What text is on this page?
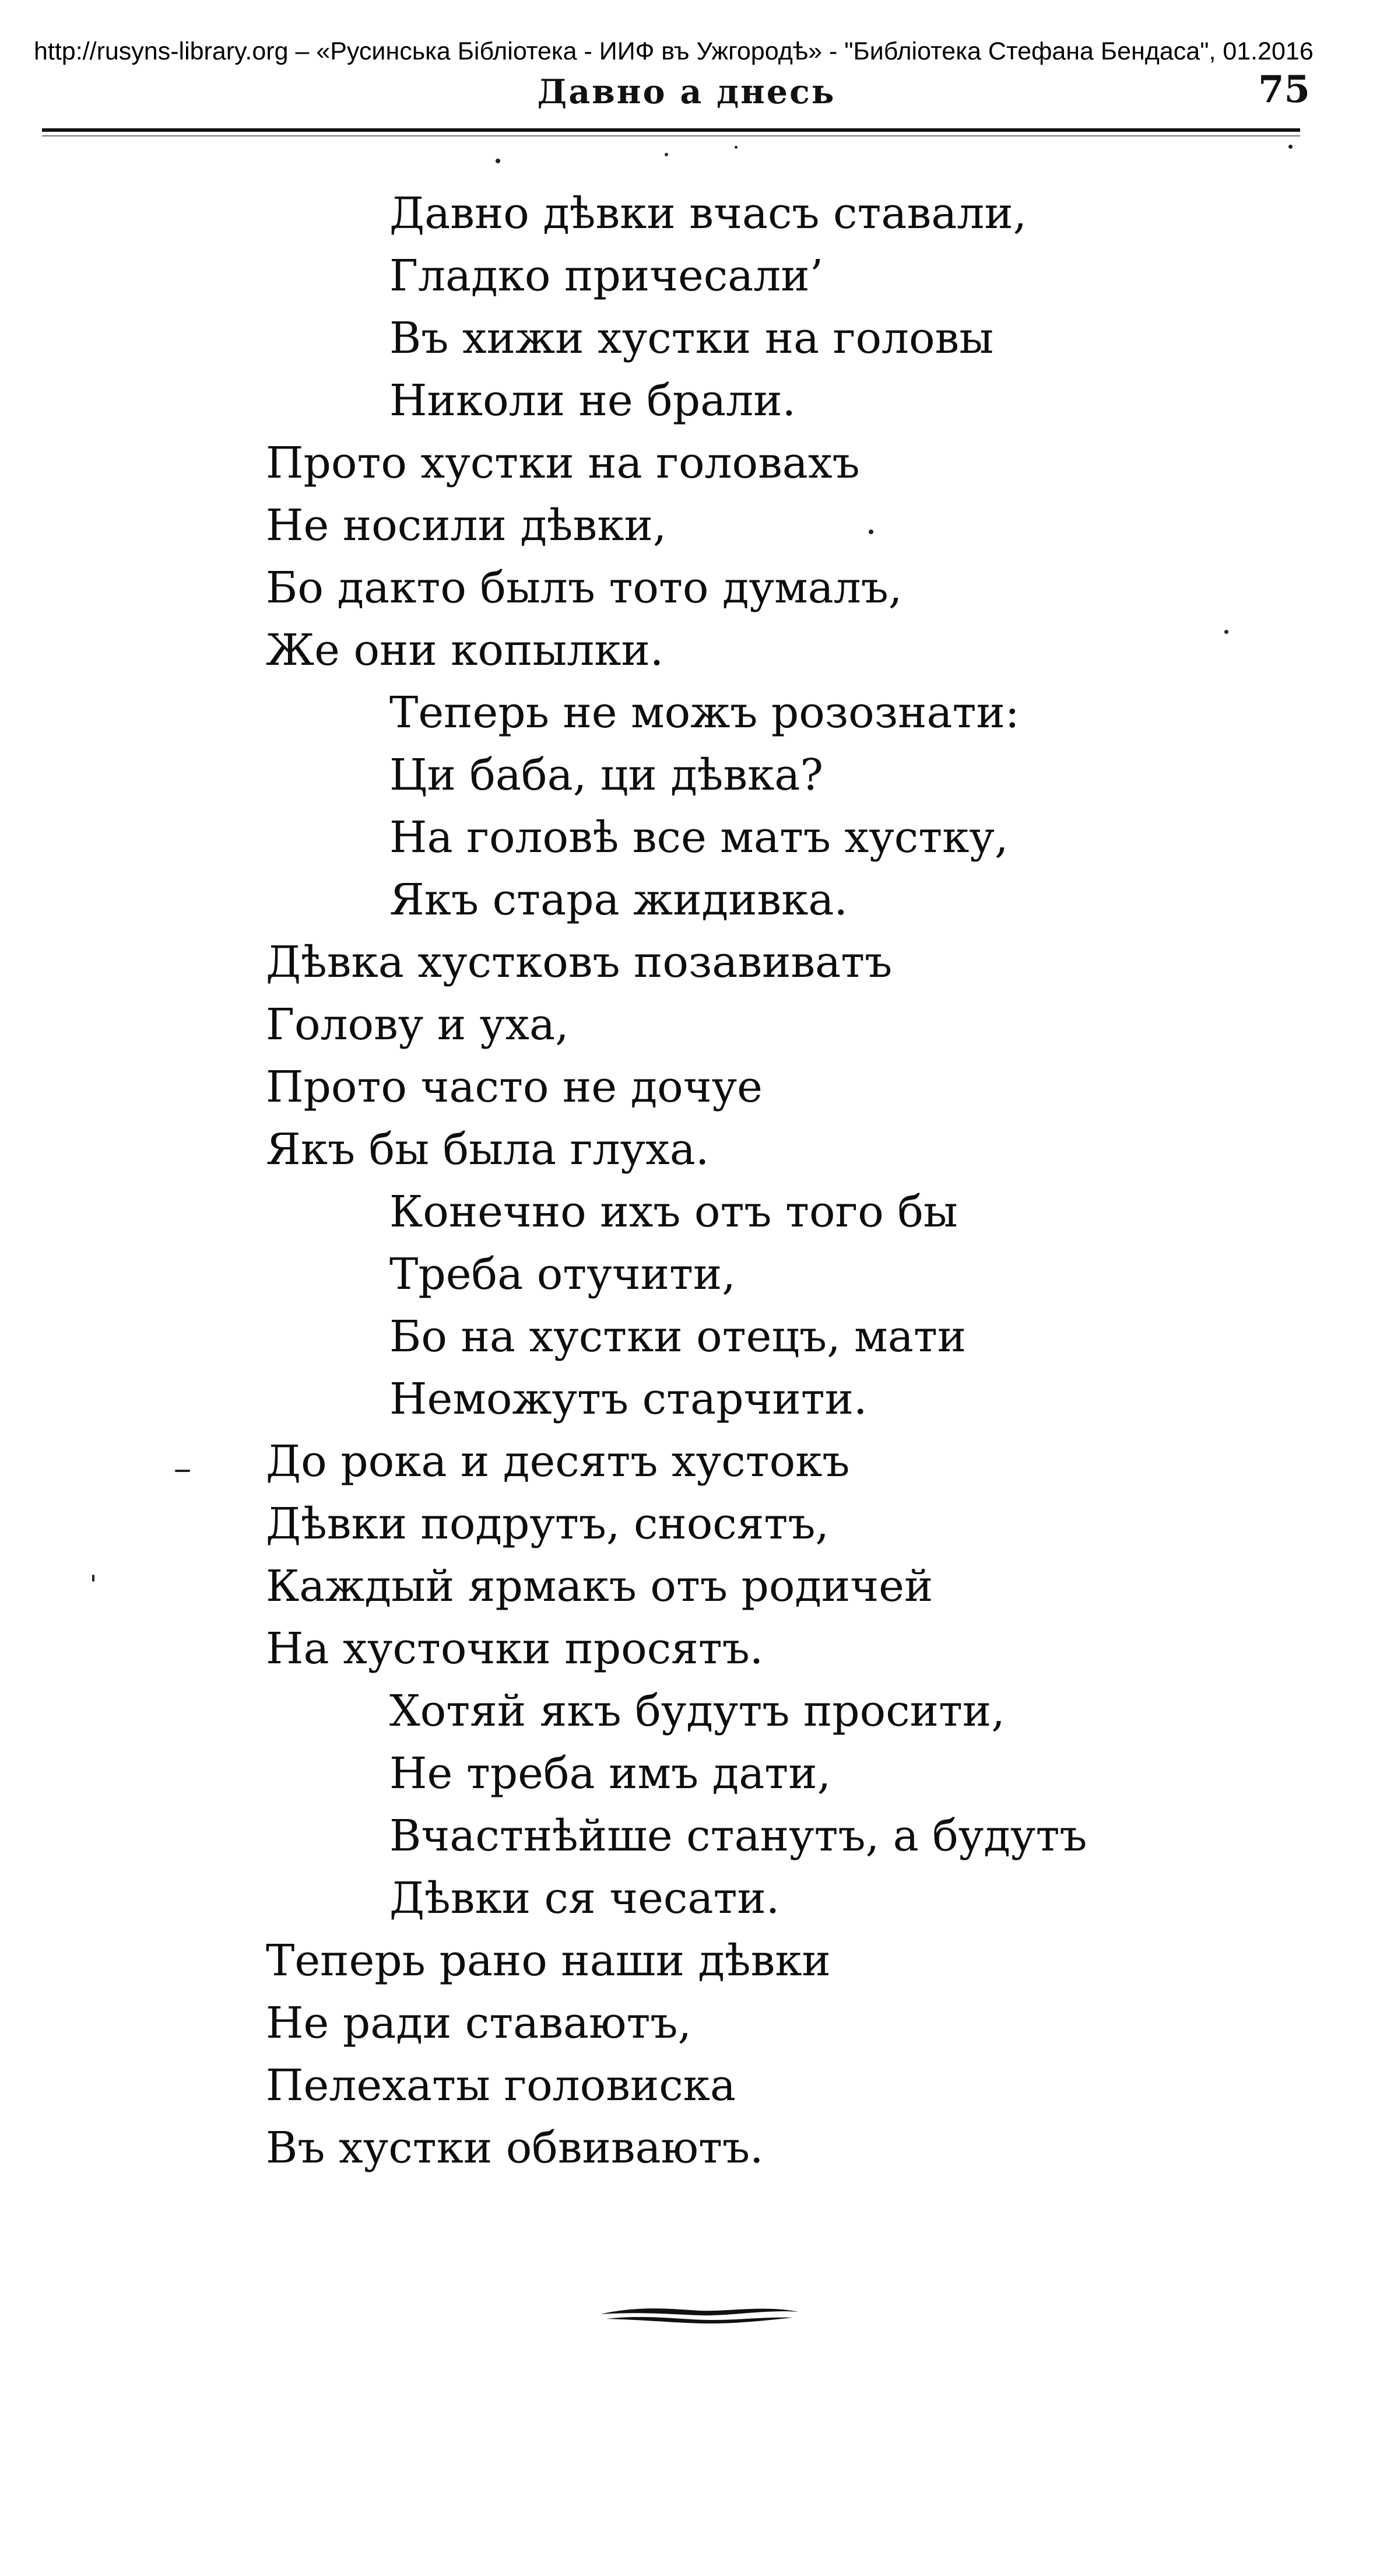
http://rusyns-library.org – «Русинська Бібліотека - ИИФ въ Ужгородѣ» - "Библіотека Стефана Бендаса", 01.2016
Давно а днесь	75
Давно дѣвки вчасъ ставали,
Гладко причесали’
Въ хижи хустки на головы
Николи не брали.
Прото хустки на головахъ
Не носили дѣвки,
Бо дакто былъ тото думалъ,
Же они копылки.
Теперь не можъ розознати:
Ци баба, ци дѣвка?
На головѣ все матъ хустку,
Якъ стара жидивка.
Дѣвка хустковъ позавиватъ
Голову и уха,
Прото часто не дочуе
Якъ бы была глуха.
Конечно ихъ отъ того бы
Треба отучити,
Бо на хустки отецъ, мати
Неможутъ старчити.
До рока и десятъ хустокъ
Дѣвки подрутъ, сносятъ,
Каждый ярмакъ отъ родичей
На хусточки просятъ.
Хотяй якъ будутъ просити,
Не треба имъ дати,
Вчастнѣйше станутъ, а будутъ
Дѣвки ся чесати.
Теперь рано наши дѣвки
Не ради ставаютъ,
Пелехаты головиска
Въ хустки обвиваютъ.
